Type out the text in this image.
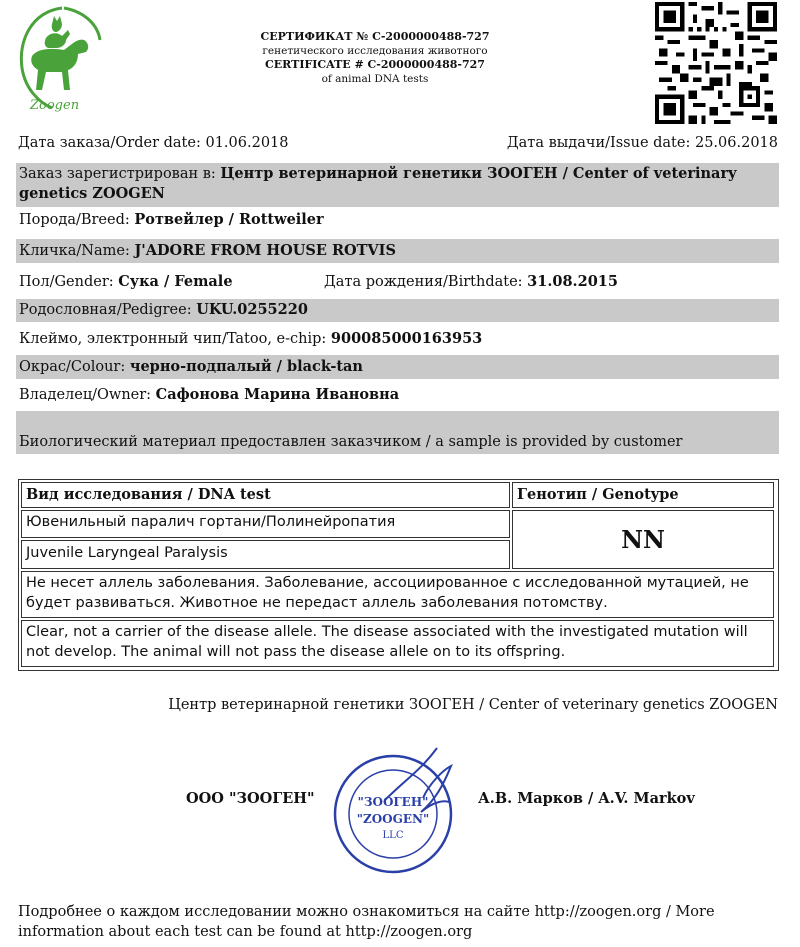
Zoogen
СЕРТИФИКАТ № С-2000000488-727
генетического исследования животного
CERTIFICATE # C-2000000488-727
of animal DNA tests
Дата заказа/Order date: 01.06.2018	Дата выдачи/Issue date: 25.06.2018
Заказ зарегистрирован в: Центр ветеринарной генетики ЗООГЕН / Center of veterinary genetics ZOOGEN
Порода/Breed: Ротвейлер / Rottweiler
Кличка/Name: J'ADORE FROM HOUSE ROTVIS
Пол/Gender: Сука / Female	Дата рождения/Birthdate: 31.08.2015
Родословная/Pedigree: UKU.0255220
Клеймо, электронный чип/Tatoo, e-chip: 900085000163953
Окрас/Colour: черно-подпалый / black-tan
Владелец/Owner: Сафонова Марина Ивановна
Биологический материал предоставлен заказчиком / a sample is provided by customer
Вид исследования / DNA test	Генотип / Genotype
Ювенильный паралич гортани/Полинейропатия
Juvenile Laryngeal Paralysis	NN
Не несет аллель заболевания. Заболевание, ассоциированное с исследованной мутацией, не будет развиваться. Животное не передаст аллель заболевания потомству.
Clear, not a carrier of the disease allele. The disease associated with the investigated mutation will not develop. The animal will not pass the disease allele on to its offspring.
Центр ветеринарной генетики ЗООГЕН / Center of veterinary genetics ZOOGEN
"ЗООГЕН"
"ZOOGEN"
LLC
ООО "ЗООГЕН"	А.В. Марков / A.V. Markov
Подробнее о каждом исследовании можно ознакомиться на сайте http://zoogen.org / More information about each test can be found at http://zoogen.org
